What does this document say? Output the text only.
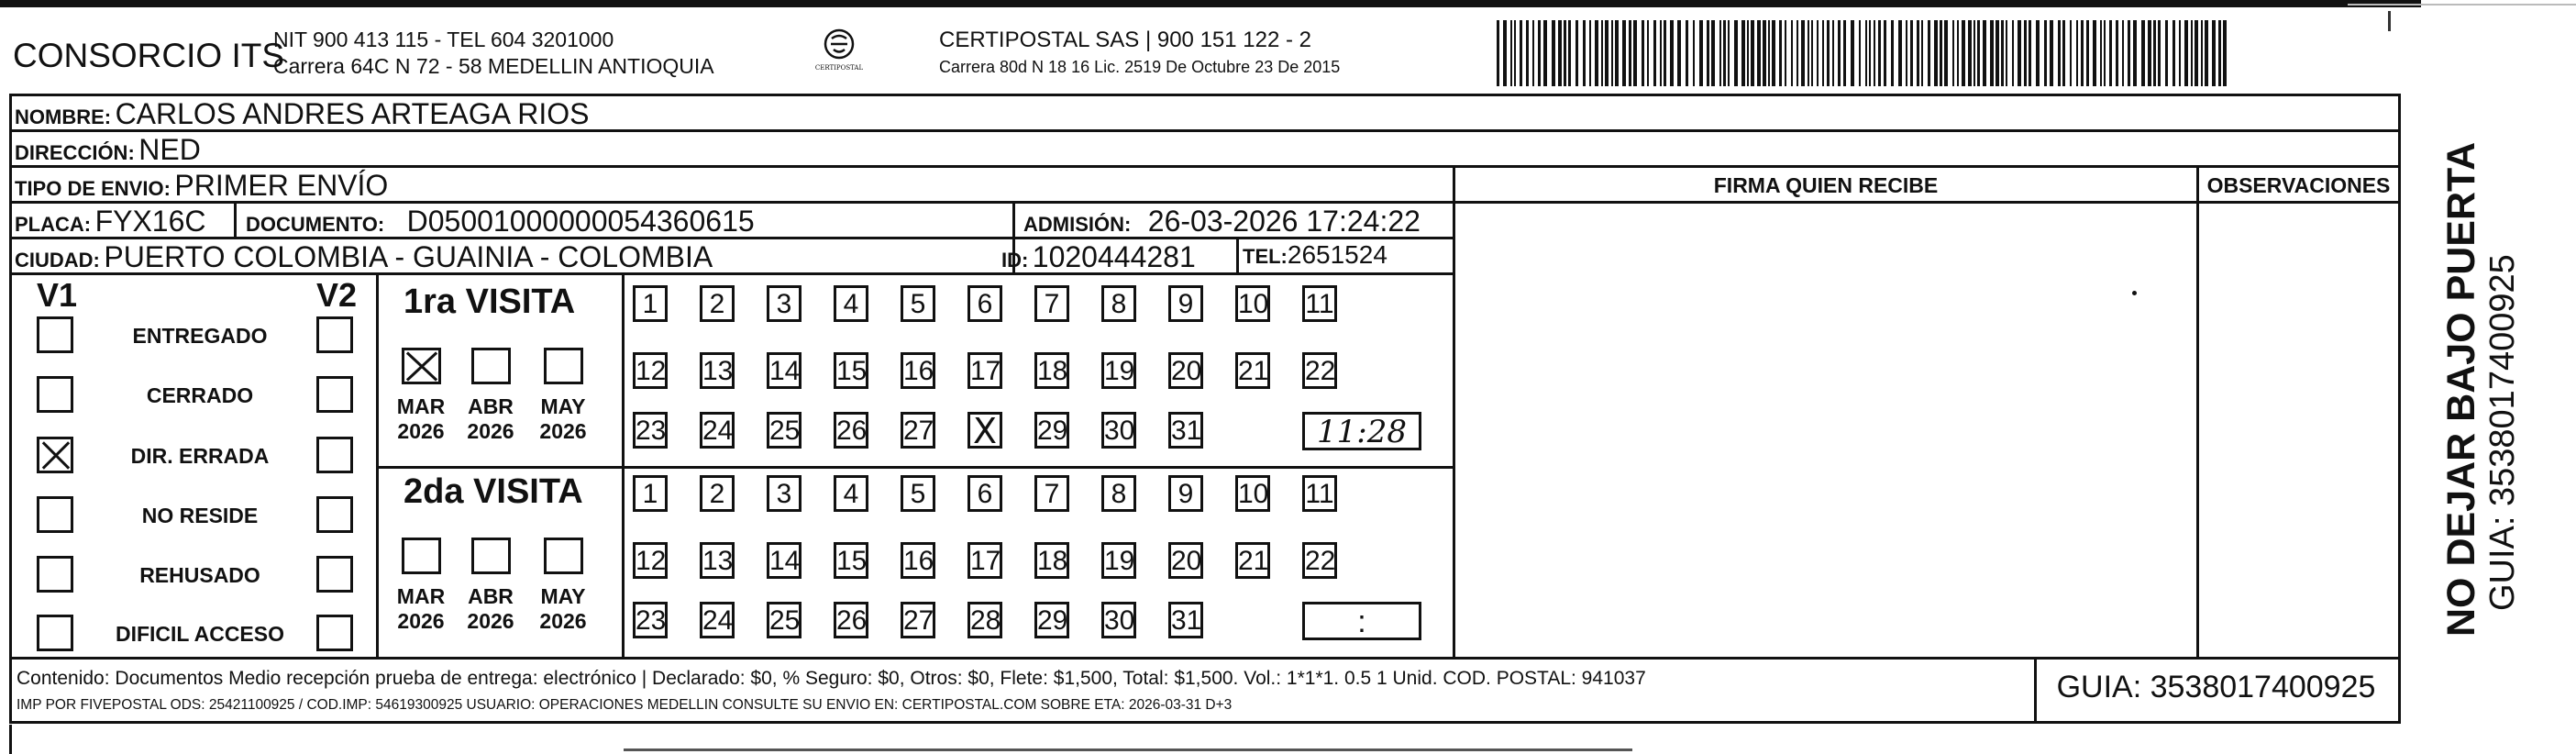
CONSORCIO ITS
NIT 900 413 115 - TEL 604 3201000
Carrera 64C N 72 - 58 MEDELLIN ANTIOQUIA	CERTIPOSTAL
CERTIPOSTAL SAS | 900 151 122 - 2
Carrera 80d N 18 16 Lic. 2519 De Octubre 23 De 2015
NOMBRE: CARLOS ANDRES ARTEAGA RIOS
DIRECCIÓN: NED
TIPO DE ENVIO: PRIMER ENVÍO
PLACA: FYX16C DOCUMENTO: D05001000000054360615	ADMISIÓN: 26-03-2026 17:24:22
CIUDAD: PUERTO COLOMBIA - GUAINIA - COLOMBIA	ID: 1020444281 TEL:2651524
FIRMA QUIEN RECIBE	OBSERVACIONES
V1	V2
ENTREGADO
CERRADO
DIR. ERRADA
NO RESIDE
REHUSADO
DIFICIL ACCESO
1ra VISITA
2da VISITA
MAR
2026
ABR
2026
MAY
2026
1	2	3	4	5	6	7	8	9	10 11
12 13 14 15 16 17 18 19 20 21 22
23 24 25 26 27
X	29 30 31	11:28
MAR
2026
ABR
2026
MAY
2026
1	2	3	4	5	6	7	8	9	10 11
12 13 14 15 16 17 18 19 20 21 22
23 24 25 26 27 28 29 30 31	:
Contenido: Documentos Medio recepción prueba de entrega: electrónico | Declarado: $0, % Seguro: $0, Otros: $0, Flete: $1,500, Total: $1,500. Vol.: 1*1*1. 0.5 1 Unid. COD. POSTAL: 941037
IMP POR FIVEPOSTAL ODS: 25421100925 / COD.IMP: 54619300925 USUARIO: OPERACIONES MEDELLIN CONSULTE SU ENVIO EN: CERTIPOSTAL.COM SOBRE ETA: 2026-03-31 D+3
GUIA: 3538017400925
NO DEJAR BAJO PUERTA GUIA: 3538017400925
